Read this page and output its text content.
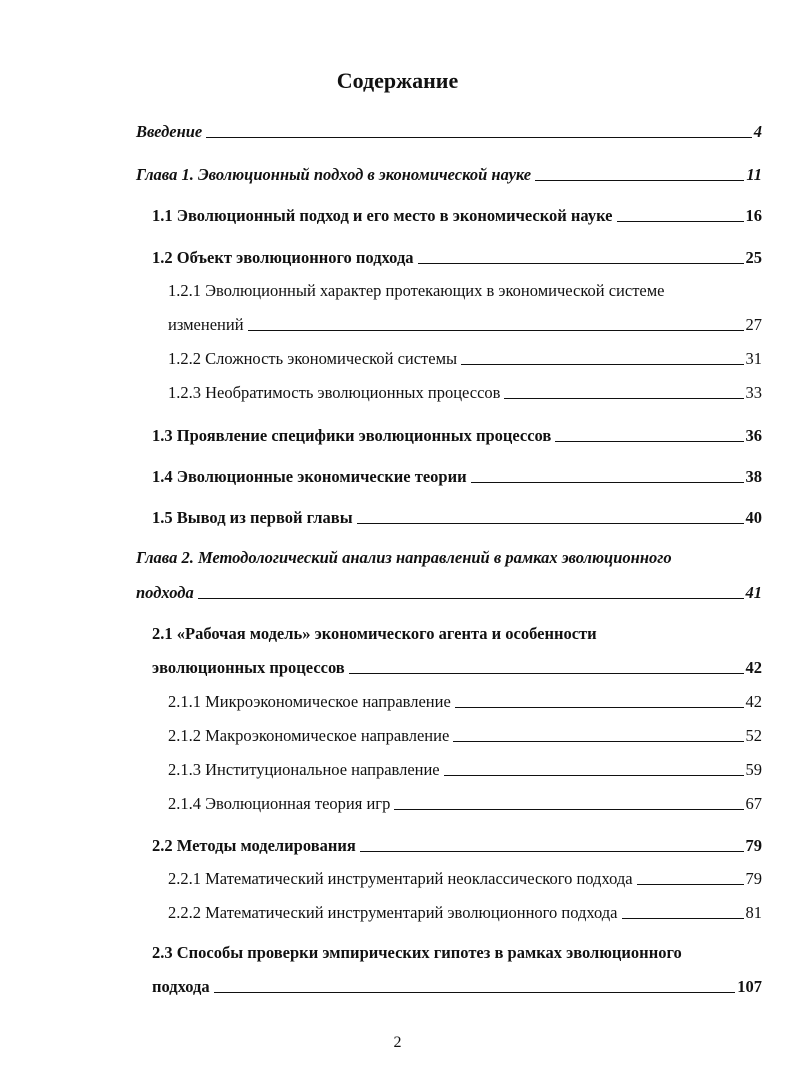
Содержание
Введение	4
Глава 1. Эволюционный подход в экономической науке	11
1.1 Эволюционный подход и его место в экономической науке	16
1.2 Объект эволюционного подхода	25
1.2.1 Эволюционный характер протекающих в экономической системе
изменений	27
1.2.2 Сложность экономической системы	31
1.2.3 Необратимость эволюционных процессов	33
1.3 Проявление специфики эволюционных процессов	36
1.4 Эволюционные экономические теории	38
1.5 Вывод из первой главы	40
Глава 2. Методологический анализ направлений в рамках эволюционного
подхода	41
2.1 «Рабочая модель» экономического агента и особенности
эволюционных процессов	42
2.1.1 Микроэкономическое направление	42
2.1.2 Макроэкономическое направление	52
2.1.3 Институциональное направление	59
2.1.4 Эволюционная теория игр	67
2.2 Методы моделирования	79
2.2.1 Математический инструментарий неоклассического подхода	79
2.2.2 Математический инструментарий эволюционного подхода	81
2.3 Способы проверки эмпирических гипотез в рамках эволюционного
подхода	107
2
